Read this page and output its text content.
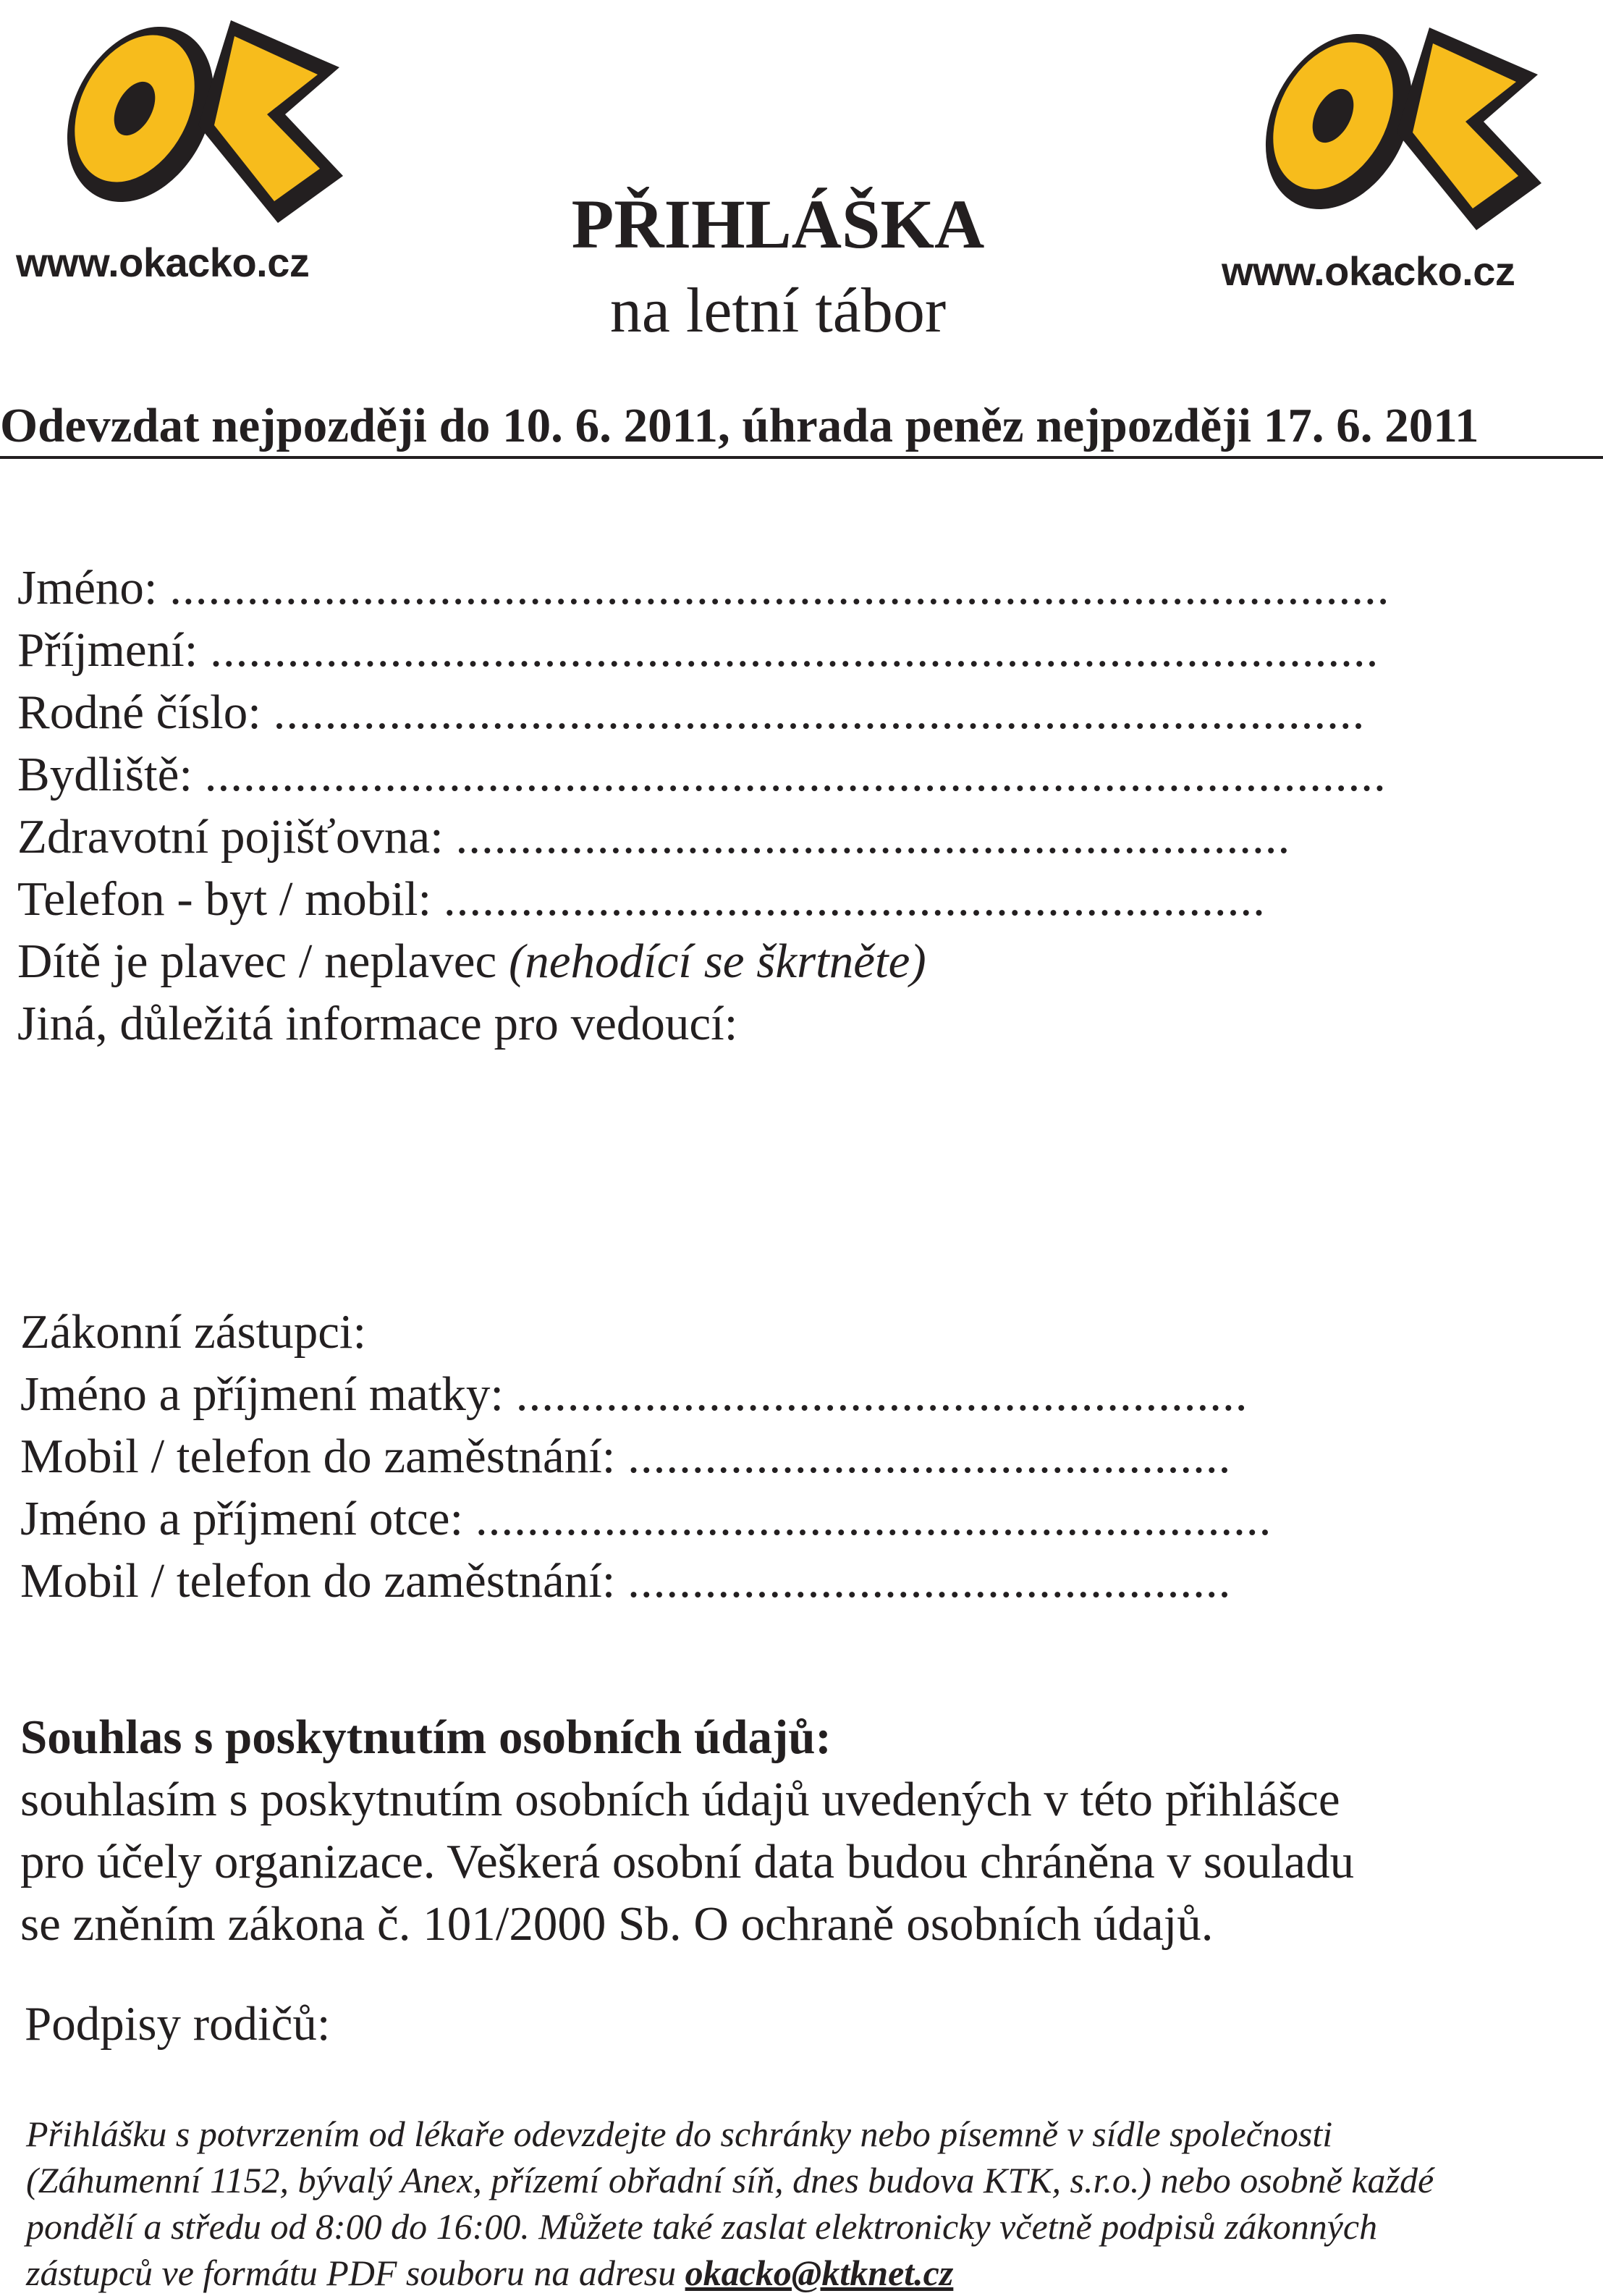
www.okacko.cz	www.okacko.cz
PŘIHLÁŠKA
na letní tábor
Odevzdat nejpozději do 10. 6. 2011, úhrada peněz nejpozději 17. 6. 2011
Jméno: ...............................................................................................
Příjmení: ...........................................................................................
Rodné číslo: .....................................................................................
Bydliště: ............................................................................................
Zdravotní pojišťovna: .................................................................
Telefon - byt / mobil: ................................................................
Dítě je plavec / neplavec (nehodící se škrtněte)
Jiná, důležitá informace pro vedoucí:
Zákonní zástupci:
Jméno a příjmení matky: .........................................................
Mobil / telefon do zaměstnání: ...............................................
Jméno a příjmení otce: ..............................................................
Mobil / telefon do zaměstnání: ...............................................
Souhlas s poskytnutím osobních údajů:
souhlasím s poskytnutím osobních údajů uvedených v této přihlášce
pro účely organizace. Veškerá osobní data budou chráněna v souladu
se zněním zákona č. 101/2000 Sb. O ochraně osobních údajů.
Podpisy rodičů:
Přihlášku s potvrzením od lékaře odevzdejte do schránky nebo písemně v sídle společnosti
(Záhumenní 1152, bývalý Anex, přízemí obřadní síň, dnes budova KTK, s.r.o.) nebo osobně každé
pondělí a středu od 8:00 do 16:00. Můžete také zaslat elektronicky včetně podpisů zákonných
zástupců ve formátu PDF souboru na adresu okacko@ktknet.cz
